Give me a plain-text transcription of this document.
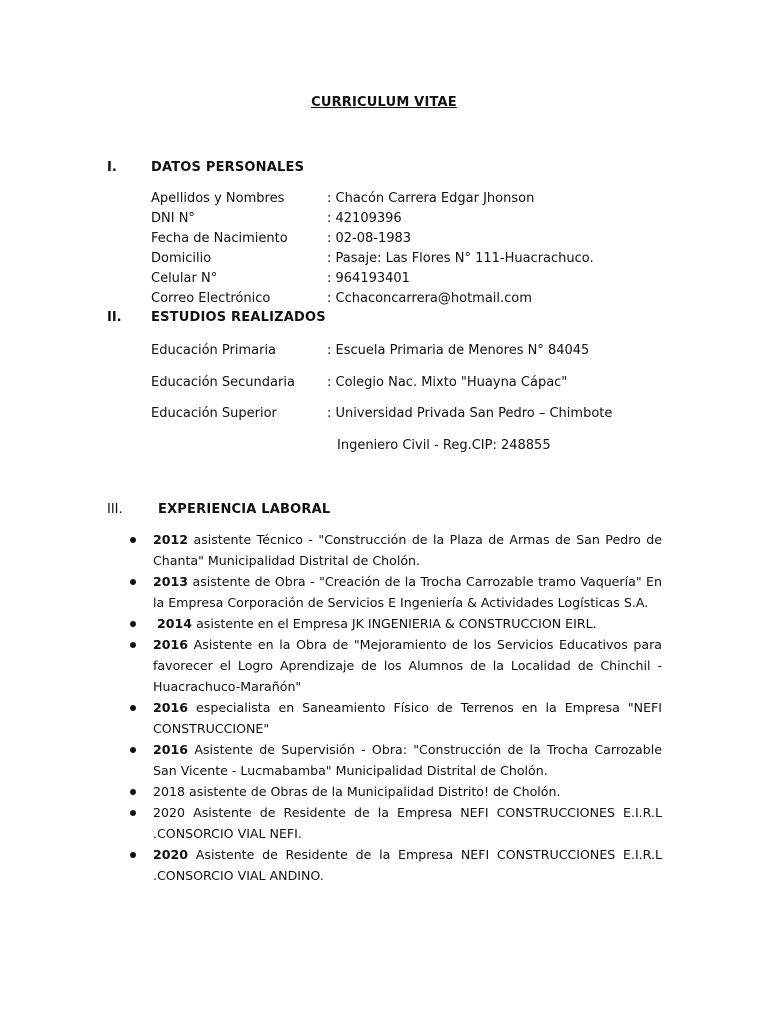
CURRICULUM VITAE
I.	DATOS PERSONALES
Apellidos y Nombres	: Chacón Carrera Edgar Jhonson
DNI N°	: 42109396
Fecha de Nacimiento	: 02-08-1983
Domicilio	: Pasaje: Las Flores N° 111-Huacrachuco.
Celular N°	: 964193401
Correo Electrónico	: Cchaconcarrera@hotmail.com
II. ESTUDIOS REALIZADOS
Educación Primaria	: Escuela Primaria de Menores N° 84045
Educación Secundaria : Colegio Nac. Mixto "Huayna Cápac"
Educación Superior	: Universidad Privada San Pedro – Chimbote
Ingeniero Civil - Reg.CIP: 248855
III.	EXPERIENCIA LABORAL
2012 asistente Técnico - "Construcción de la Plaza de Armas de San Pedro de Chanta" Municipalidad Distrital de Cholón.
2013 asistente de Obra - "Creación de la Trocha Carrozable tramo Vaquería" En la Empresa Corporación de Servicios E Ingeniería & Actividades Logísticas S.A.
2014 asistente en el Empresa JK INGENIERIA & CONSTRUCCION EIRL.
2016 Asistente en la Obra de "Mejoramiento de los Servicios Educativos para favorecer el Logro Aprendizaje de los Alumnos de la Localidad de Chinchil - Huacrachuco-Marañón"
2016 especialista en Saneamiento Físico de Terrenos en la Empresa "NEFI CONSTRUCCIONE"
2016 Asistente de Supervisión - Obra: "Construcción de la Trocha Carrozable San Vicente - Lucmabamba" Municipalidad Distrital de Cholón.
2018 asistente de Obras de la Municipalidad Distrito! de Cholón.
2020 Asistente de Residente de la Empresa NEFI CONSTRUCCIONES E.I.R.L .CONSORCIO VIAL NEFI.
2020 Asistente de Residente de la Empresa NEFI CONSTRUCCIONES E.I.R.L .CONSORCIO VIAL ANDINO.
